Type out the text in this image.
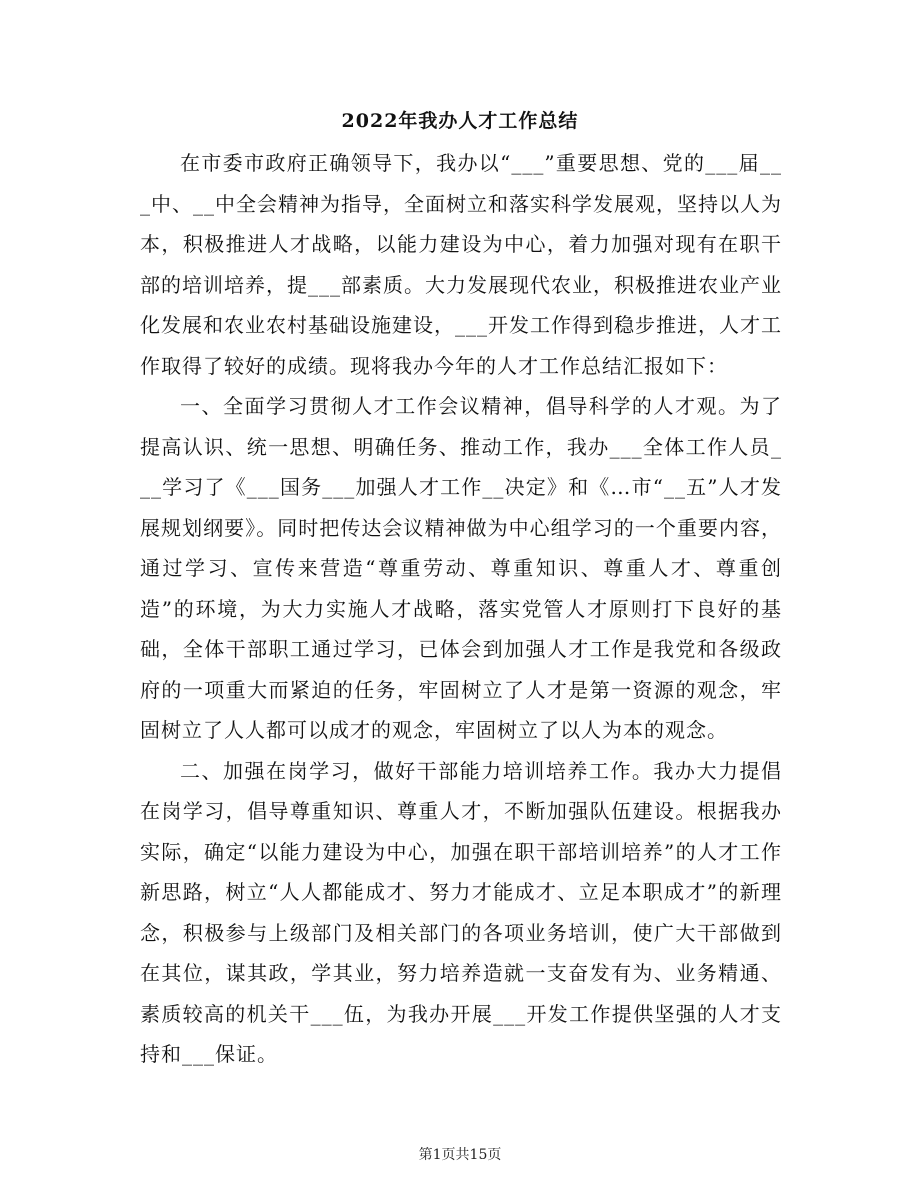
2022年我办人才工作总结

在市委市政府正确领导下，我办以“___”重要思想、党的___届___中、__中全会精神为指导，全面树立和落实科学发展观，坚持以人为本，积极推进人才战略，以能力建设为中心，着力加强对现有在职干部的培训培养，提___部素质。大力发展现代农业，积极推进农业产业化发展和农业农村基础设施建设，___开发工作得到稳步推进，人才工作取得了较好的成绩。现将我办今年的人才工作总结汇报如下：

一、全面学习贯彻人才工作会议精神，倡导科学的人才观。为了提高认识、统一思想、明确任务、推动工作，我办___全体工作人员___学习了《___国务___加强人才工作__决定》和《…市“__五”人才发展规划纲要》。同时把传达会议精神做为中心组学习的一个重要内容，通过学习、宣传来营造“尊重劳动、尊重知识、尊重人才、尊重创造”的环境，为大力实施人才战略，落实党管人才原则打下良好的基础，全体干部职工通过学习，已体会到加强人才工作是我党和各级政府的一项重大而紧迫的任务，牢固树立了人才是第一资源的观念，牢固树立了人人都可以成才的观念，牢固树立了以人为本的观念。

二、加强在岗学习，做好干部能力培训培养工作。我办大力提倡在岗学习，倡导尊重知识、尊重人才，不断加强队伍建设。根据我办实际，确定“以能力建设为中心，加强在职干部培训培养”的人才工作新思路，树立“人人都能成才、努力才能成才、立足本职成才”的新理念，积极参与上级部门及相关部门的各项业务培训，使广大干部做到在其位，谋其政，学其业，努力培养造就一支奋发有为、业务精通、素质较高的机关干___伍，为我办开展___开发工作提供坚强的人才支持和___保证。

第1页共15页
